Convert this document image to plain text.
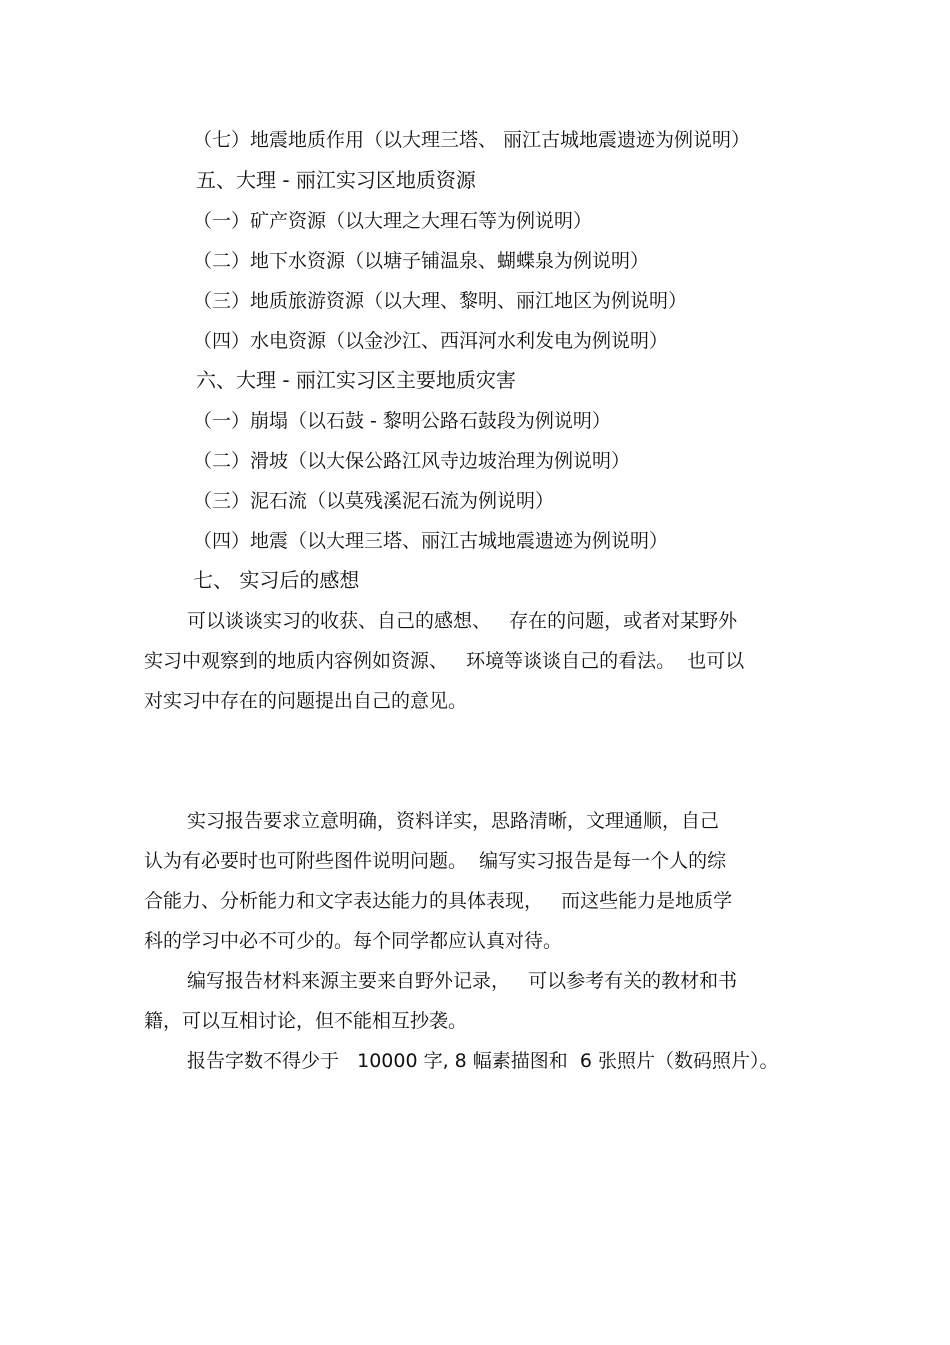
（七）地震地质作用（以大理三塔、 丽江古城地震遗迹为例说明）
五、大理 - 丽江实习区地质资源
（一）矿产资源（以大理之大理石等为例说明）
（二）地下水资源（以塘子铺温泉、蝴蝶泉为例说明）
（三）地质旅游资源（以大理、黎明、丽江地区为例说明）
（四）水电资源（以金沙江、西洱河水利发电为例说明）
六、大理 - 丽江实习区主要地质灾害
（一）崩塌（以石鼓 - 黎明公路石鼓段为例说明）
（二）滑坡（以大保公路江风寺边坡治理为例说明）
（三）泥石流（以莫残溪泥石流为例说明）
（四）地震（以大理三塔、丽江古城地震遗迹为例说明）
七、 实习后的感想
可以谈谈实习的收获、自己的感想、   存在的问题，或者对某野外
实习中观察到的地质内容例如资源、   环境等谈谈自己的看法。  也可以
对实习中存在的问题提出自己的意见。
实习报告要求立意明确，资料详实，思路清晰，文理通顺，自己
认为有必要时也可附些图件说明问题。  编写实习报告是每一个人的综
合能力、分析能力和文字表达能力的具体表现，   而这些能力是地质学
科的学习中必不可少的。每个同学都应认真对待。
编写报告材料来源主要来自野外记录，   可以参考有关的教材和书
籍，可以互相讨论，但不能相互抄袭。
报告字数不得少于   10000 字, 8 幅素描图和  6 张照片（数码照片）。
